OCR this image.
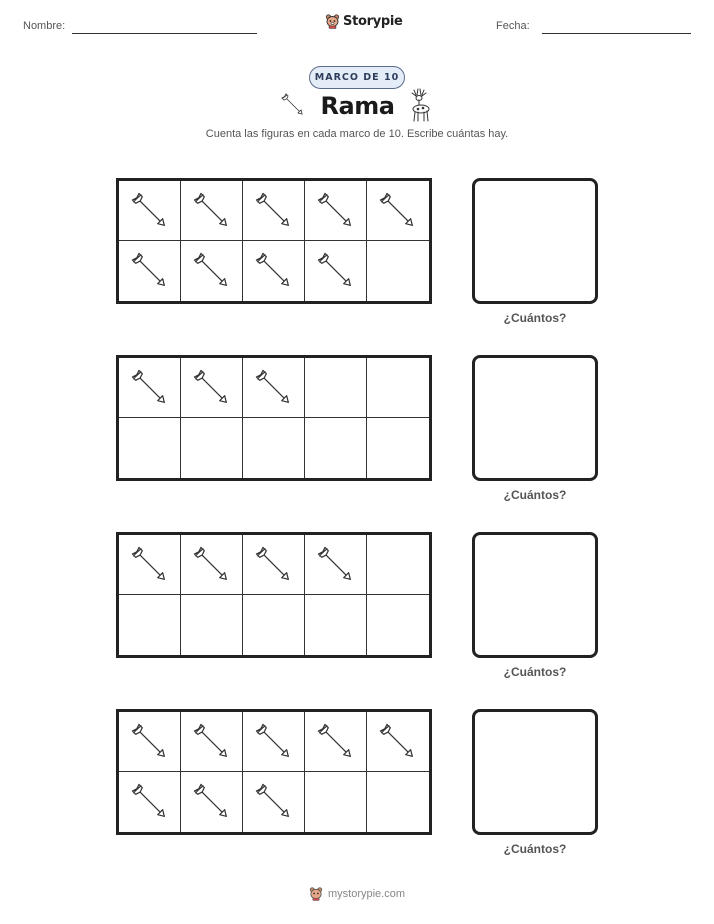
Nombre:	Storypie	Fecha:
MARCO DE 10
Rama
Cuenta las figuras en cada marco de 10. Escribe cuántas hay.
¿Cuántos?
¿Cuántos?
¿Cuántos?
¿Cuántos?
mystorypie.com
